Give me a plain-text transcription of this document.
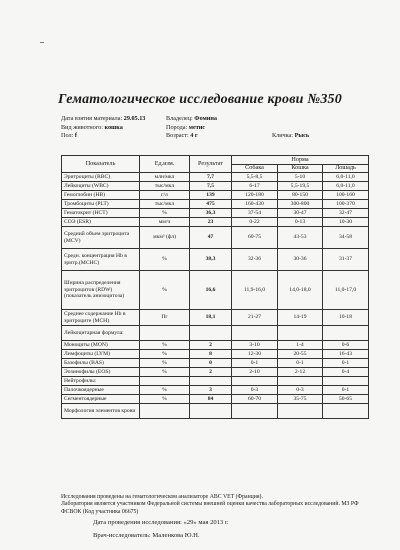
Гематологическое исследование крови №350
Дата взятия материала: 29.05.13
Вид животного: кошка
Пол: f
Владелец: Фомина
Порода: метис
Возраст: 4 г	Кличка: Рысь
Показатель	Ед.изм.	Результат	Норма		
			Собака	Кошка	Лошадь
Эритроциты (RBC)	млн/мкл	7,7	5,5-8,5	5-10	6,0-11,0
Лейкоциты (WBC)	тыс/мкл	7,5	6-17	5,5-19,5	6,0-11,0
Гемоглобин (HB)	г/л	139	120-180	80-150	100-160
Тромбоциты (PLT)	тыс/мкл	475	160-430	300-800	100-370
Гематокрит (HCT)	%	36,3	37-54	30-47	32-47
СОЭ (ESR)	мм/ч	23	0-22	0-13	10-30
Средний объем эритроцита (MCV)	мкм³ (фл)	47	60-75	43-53	34-58
Средн. концентрация Hb в эритр.(MCHC)	%	38,3	32-36	30-36	31-37
Ширина распределения эритроцитов (RDW) (показатель анизоцитоза)	%	16,6	11,9-16,0	14,0-18,0	11,0-17,0
Среднее содержание Hb в эритроците (MCH)	Пг	18,1	21-27	14-19	10-18
Лейкоцитарная формула:					
Моноциты (MON)	%	2	3-10	1-4	0-6
Лимфоциты (LYM)	%	8	12-30	20-55	16-43
Базофилы (BAS)	%	0	0-1	0-1	0-1
Эозинофилы (EOS)	%	2	2-10	2-12	0-4
Нейтрофилы:					
Палочкоядерные	%	3	0-3	0-3	0-1
Сегментоядерные	%	84	60-70	35-75	50-65
Морфология элементов крови					
Исследования проведены на гематологическом анализаторе ABC VET (Франция).
Лаборатория является участником Федеральной системы внешней оценки качества лабораторных исследований. МЗ РФ ФСВОК (Код участника 06675)
Дата проведения исследования: «29» мая 2013 г.
Врач-исследователь: Маленкова Ю.Н.
